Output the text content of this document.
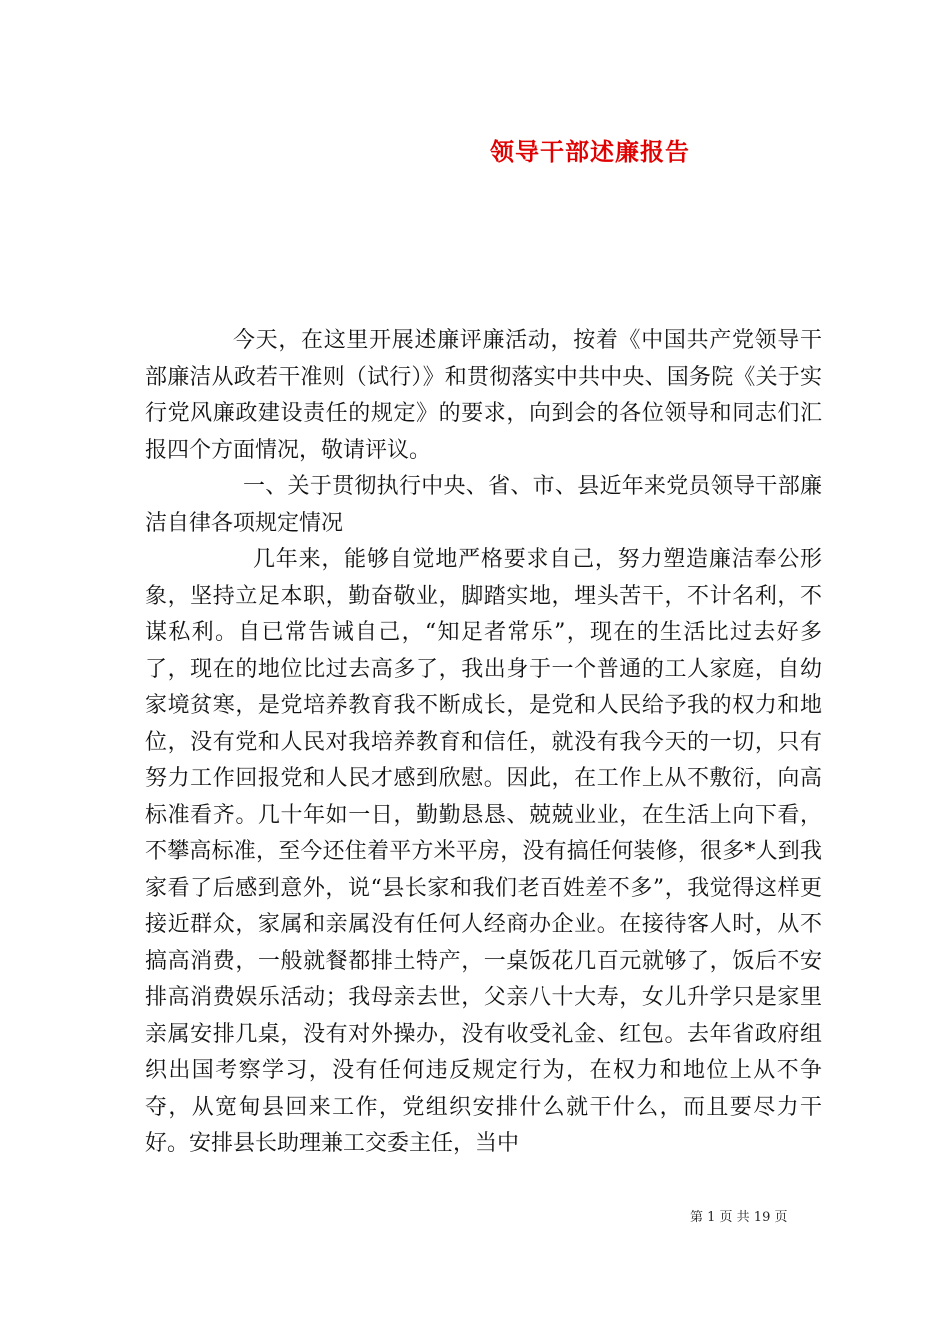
领导干部述廉报告

今天，在这里开展述廉评廉活动，按着《中国共产党领导干部廉洁从政若干准则（试行）》和贯彻落实中共中央、国务院《关于实行党风廉政建设责任的规定》的要求，向到会的各位领导和同志们汇报四个方面情况，敬请评议。

一、关于贯彻执行中央、省、市、县近年来党员领导干部廉洁自律各项规定情况

几年来，能够自觉地严格要求自己，努力塑造廉洁奉公形象，坚持立足本职，勤奋敬业，脚踏实地，埋头苦干，不计名利，不谋私利。自已常告诫自己，“知足者常乐”，现在的生活比过去好多了，现在的地位比过去高多了，我出身于一个普通的工人家庭，自幼家境贫寒，是党培养教育我不断成长，是党和人民给予我的权力和地位，没有党和人民对我培养教育和信任，就没有我今天的一切，只有努力工作回报党和人民才感到欣慰。因此，在工作上从不敷衍，向高标准看齐。几十年如一日，勤勤恳恳、兢兢业业，在生活上向下看，不攀高标准，至今还住着平方米平房，没有搞任何装修，很多*人到我家看了后感到意外，说“县长家和我们老百姓差不多”，我觉得这样更接近群众，家属和亲属没有任何人经商办企业。在接待客人时，从不搞高消费，一般就餐都排土特产，一桌饭花几百元就够了，饭后不安排高消费娱乐活动；我母亲去世，父亲八十大寿，女儿升学只是家里亲属安排几桌，没有对外操办，没有收受礼金、红包。去年省政府组织出国考察学习，没有任何违反规定行为，在权力和地位上从不争夺，从宽甸县回来工作，党组织安排什么就干什么，而且要尽力干好。安排县长助理兼工交委主任，当中

第 1 页 共 19 页
